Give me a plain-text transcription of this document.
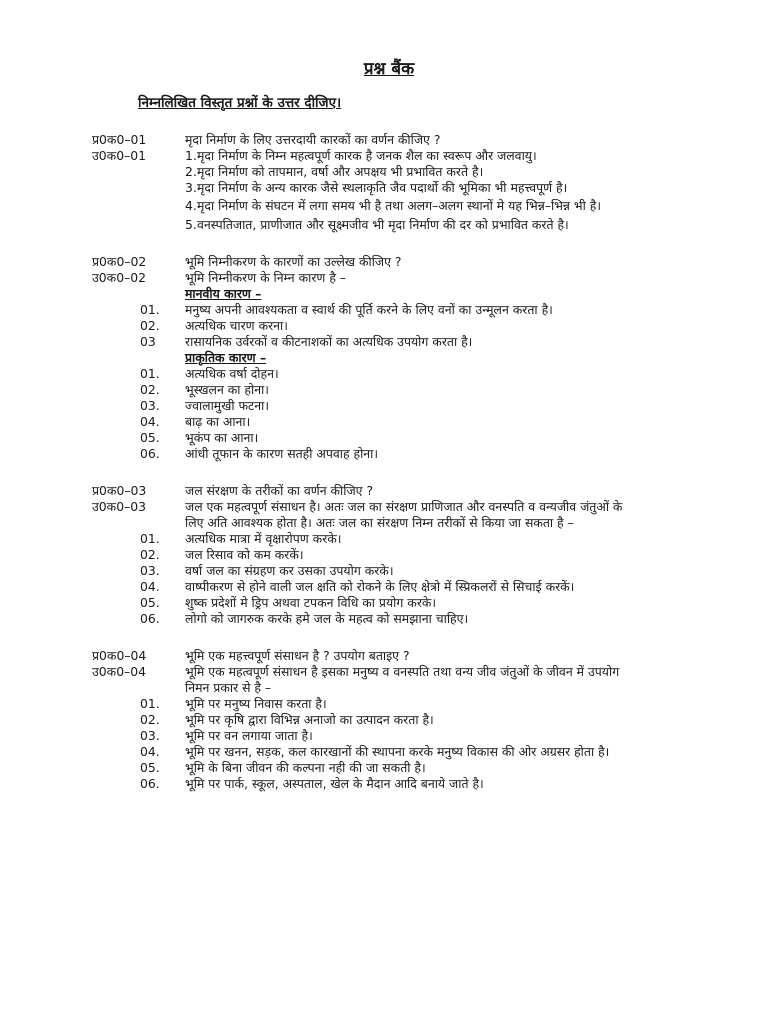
प्रश्न बैंक
निम्नलिखित विस्तृत प्रश्नों के उत्तर दीजिए।
प्र0क0–01	मृदा निर्माण के लिए उत्तरदायी कारकों का वर्णन कीजिए ?
उ0क0–01	1. मृदा निर्माण के निम्न महत्वपूर्ण कारक है जनक शैल का स्वरूप और जलवायु।
2. मृदा निर्माण को तापमान, वर्षा और अपक्षय भी प्रभावित करते है।
3. मृदा निर्माण के अन्य कारक जैसे स्थलाकृति जैव पदार्थो की भूमिका भी महत्त्वपूर्ण है।
4. मृदा निर्माण के संघटन में लगा समय भी है तथा अलग–अलग स्थानों मे यह भिन्न–भिन्न भी है।
5. वनस्पतिजात, प्राणीजात और सूक्ष्मजीव भी मृदा निर्माण की दर को प्रभावित करते है।
प्र0क0–02	भूमि निम्नीकरण के कारणों का उल्लेख कीजिए ?
उ0क0–02	भूमि निम्नीकरण के निम्न कारण है –
मानवीय कारण –
01.	मनुष्य अपनी आवश्यकता व स्वार्थ की पूर्ति करने के लिए वनों का उन्मूलन करता है।
02.	अत्यधिक चारण करना।
03	रासायनिक उर्वरकों व कीटनाशकों का अत्यधिक उपयोग करता है।
प्राकृतिक कारण –
01.	अत्यधिक वर्षा दोहन।
02.	भूस्खलन का होना।
03.	ज्वालामुखी फटना।
04.	बाढ़ का आना।
05.	भूकंप का आना।
06.	आंधी तूफान के कारण सतही अपवाह होना।
प्र0क0–03	जल संरक्षण के तरीकों का वर्णन कीजिए ?
उ0क0–03	जल एक महत्वपूर्ण संसाधन है। अतः जल का संरक्षण प्राणिजात और वनस्पति व वन्यजीव जंतुओं के लिए अति आवश्यक होता है। अतः जल का संरक्षण निम्न तरीकों से किया जा सकता है –
01.	अत्यधिक मात्रा में वृक्षारोपण करके।
02.	जल रिसाव को कम करकें।
03.	वर्षा जल का संग्रहण कर उसका उपयोग करके।
04.	वाष्पीकरण से होने वाली जल क्षति को रोकने के लिए क्षेत्रो में स्प्रिकलरों से सिचाई करकें।
05.	शुष्क प्रदेशों मे ड्रिप अथवा टपकन विधि का प्रयोग करके।
06.	लोगो को जागरुक करके हमे जल के महत्व को समझाना चाहिए।
प्र0क0–04	भूमि एक महत्त्वपूर्ण संसाधन है ? उपयोग बताइए ?
उ0क0–04	भूमि एक महत्वपूर्ण संसाधन है इसका मनुष्य व वनस्पति तथा वन्य जीव जंतुओं के जीवन में उपयोग निमन प्रकार से है –
01.	भूमि पर मनुष्य निवास करता है।
02.	भूमि पर कृषि द्वारा विभिन्न अनाजो का उत्पादन करता है।
03.	भूमि पर वन लगाया जाता है।
04.	भूमि पर खनन, सड़क, कल कारखानों की स्थापना करके मनुष्य विकास की ओर अग्रसर होता है।
05.	भूमि के बिना जीवन की कल्पना नही की जा सकती है।
06.	भूमि पर पार्क, स्कूल, अस्पताल, खेल के मैदान आदि बनाये जाते है।
